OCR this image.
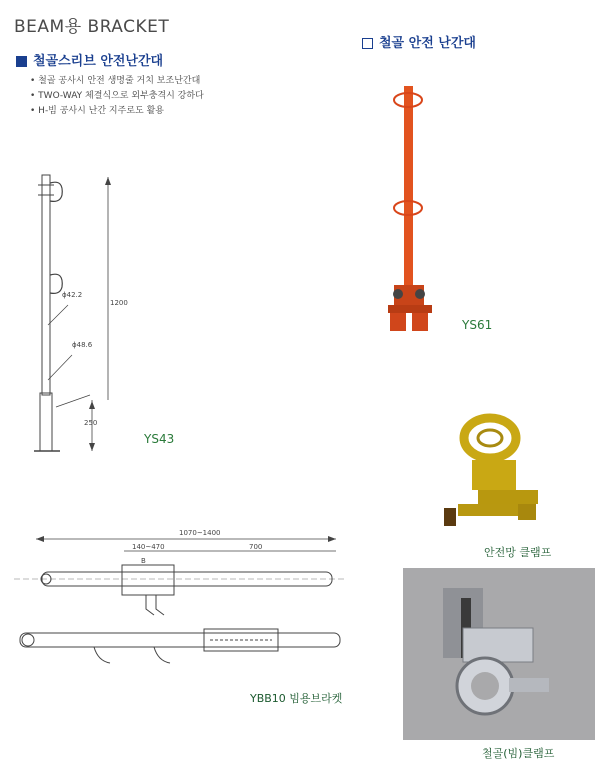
BEAM용 BRACKET
철골스리브 안전난간대
• 철골 공사시 안전 생명줄 거치 보조난간대
• TWO-WAY 체결식으로 외부충격시 강하다
• H-빔 공사시 난간 지주로도 활용
철골 안전 난간대
1200
250
ϕ42.2
ϕ48.6
YS43
YS61
안전망 클램프
철골(빔)클램프
1070~1400
140~470	700
B
YBB10 빔용브라켓
